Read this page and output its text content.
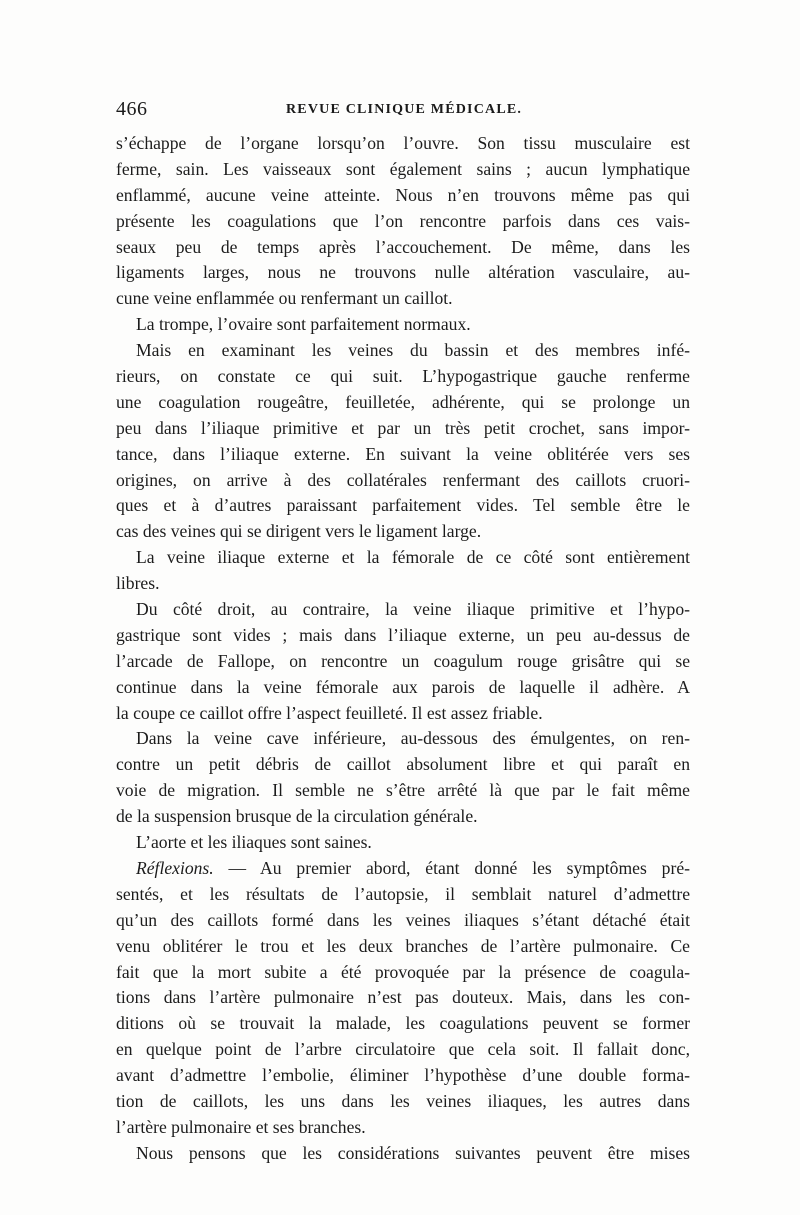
466	REVUE CLINIQUE MÉDICALE.
s’échappe de l’organe lorsqu’on l’ouvre. Son tissu musculaire est
ferme, sain. Les vaisseaux sont également sains ; aucun lymphatique
enflammé, aucune veine atteinte. Nous n’en trouvons même pas qui
présente les coagulations que l’on rencontre parfois dans ces vais-
seaux peu de temps après l’accouchement. De même, dans les
ligaments larges, nous ne trouvons nulle altération vasculaire, au-
cune veine enflammée ou renfermant un caillot.
La trompe, l’ovaire sont parfaitement normaux.
Mais en examinant les veines du bassin et des membres infé-
rieurs, on constate ce qui suit. L’hypogastrique gauche renferme
une coagulation rougeâtre, feuilletée, adhérente, qui se prolonge un
peu dans l’iliaque primitive et par un très petit crochet, sans impor-
tance, dans l’iliaque externe. En suivant la veine oblitérée vers ses
origines, on arrive à des collatérales renfermant des caillots cruori-
ques et à d’autres paraissant parfaitement vides. Tel semble être le
cas des veines qui se dirigent vers le ligament large.
La veine iliaque externe et la fémorale de ce côté sont entièrement
libres.
Du côté droit, au contraire, la veine iliaque primitive et l’hypo-
gastrique sont vides ; mais dans l’iliaque externe, un peu au-dessus de
l’arcade de Fallope, on rencontre un coagulum rouge grisâtre qui se
continue dans la veine fémorale aux parois de laquelle il adhère. A
la coupe ce caillot offre l’aspect feuilleté. Il est assez friable.
Dans la veine cave inférieure, au-dessous des émulgentes, on ren-
contre un petit débris de caillot absolument libre et qui paraît en
voie de migration. Il semble ne s’être arrêté là que par le fait même
de la suspension brusque de la circulation générale.
L’aorte et les iliaques sont saines.
Réflexions. — Au premier abord, étant donné les symptômes pré-
sentés, et les résultats de l’autopsie, il semblait naturel d’admettre
qu’un des caillots formé dans les veines iliaques s’étant détaché était
venu oblitérer le trou et les deux branches de l’artère pulmonaire. Ce
fait que la mort subite a été provoquée par la présence de coagula-
tions dans l’artère pulmonaire n’est pas douteux. Mais, dans les con-
ditions où se trouvait la malade, les coagulations peuvent se former
en quelque point de l’arbre circulatoire que cela soit. Il fallait donc,
avant d’admettre l’embolie, éliminer l’hypothèse d’une double forma-
tion de caillots, les uns dans les veines iliaques, les autres dans
l’artère pulmonaire et ses branches.
Nous pensons que les considérations suivantes peuvent être mises
